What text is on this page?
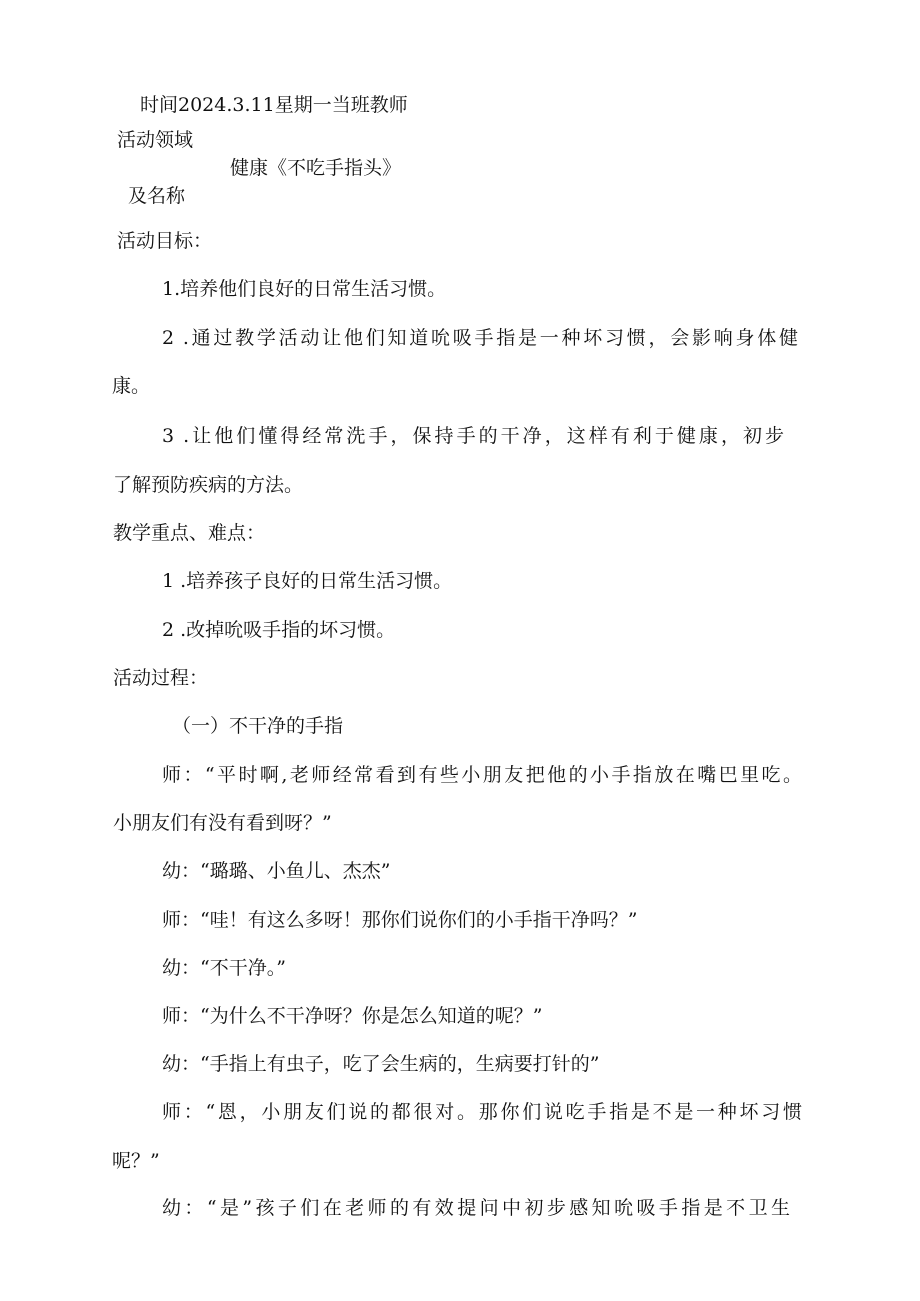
时间2024.3.11星期一当班教师
活动领域
健康《不吃手指头》
及名称
活动目标：
1.培养他们良好的日常生活习惯。
2 .通过教学活动让他们知道吮吸手指是一种坏习惯，会影响身体健
康。
3 .让他们懂得经常洗手，保持手的干净，这样有利于健康，初步
了解预防疾病的方法。
教学重点、难点：
1 .培养孩子良好的日常生活习惯。
2 .改掉吮吸手指的坏习惯。
活动过程：
（一）不干净的手指
师：“平时啊,老师经常看到有些小朋友把他的小手指放在嘴巴里吃。
小朋友们有没有看到呀？”
幼：“璐璐、小鱼儿、杰杰”
师：“哇！有这么多呀！那你们说你们的小手指干净吗？”
幼：“不干净。”
师：“为什么不干净呀？你是怎么知道的呢？”
幼：“手指上有虫子，吃了会生病的，生病要打针的”
师：“恩，小朋友们说的都很对。那你们说吃手指是不是一种坏习惯
呢？”
幼：“是”孩子们在老师的有效提问中初步感知吮吸手指是不卫生
